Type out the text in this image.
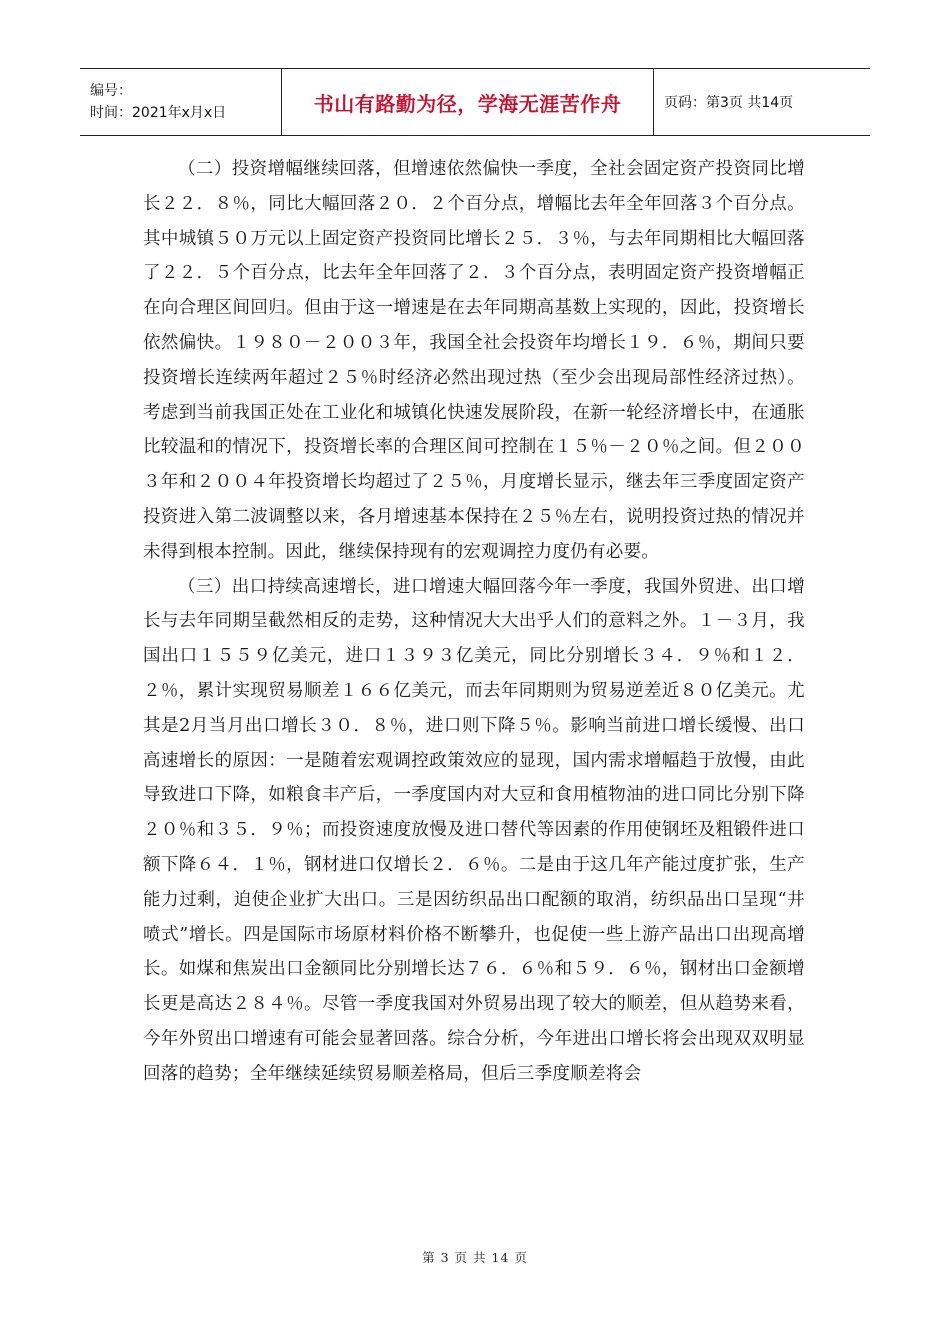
编号：
时间：2021年x月x日	书山有路勤为径，学海无涯苦作舟	页码：第3页 共14页

（二）投资增幅继续回落，但增速依然偏快一季度，全社会固定资产投资同比增长２２．８％，同比大幅回落２０．２个百分点，增幅比去年全年回落３个百分点。其中城镇５０万元以上固定资产投资同比增长２５．３％，与去年同期相比大幅回落了２２．５个百分点，比去年全年回落了２．３个百分点，表明固定资产投资增幅正在向合理区间回归。但由于这一增速是在去年同期高基数上实现的，因此，投资增长依然偏快。１９８０－２００３年，我国全社会投资年均增长１９．６％，期间只要投资增长连续两年超过２５％时经济必然出现过热（至少会出现局部性经济过热）。考虑到当前我国正处在工业化和城镇化快速发展阶段，在新一轮经济增长中，在通胀比较温和的情况下，投资增长率的合理区间可控制在１５％－２０％之间。但２００３年和２００４年投资增长均超过了２５％，月度增长显示，继去年三季度固定资产投资进入第二波调整以来，各月增速基本保持在２５％左右，说明投资过热的情况并未得到根本控制。因此，继续保持现有的宏观调控力度仍有必要。

（三）出口持续高速增长，进口增速大幅回落今年一季度，我国外贸进、出口增长与去年同期呈截然相反的走势，这种情况大大出乎人们的意料之外。１－３月，我国出口１５５９亿美元，进口１３９３亿美元，同比分别增长３４．９％和１２．２％，累计实现贸易顺差１６６亿美元，而去年同期则为贸易逆差近８０亿美元。尤其是2月当月出口增长３０．８％，进口则下降５％。影响当前进口增长缓慢、出口高速增长的原因：一是随着宏观调控政策效应的显现，国内需求增幅趋于放慢，由此导致进口下降，如粮食丰产后，一季度国内对大豆和食用植物油的进口同比分别下降２０％和３５．９％；而投资速度放慢及进口替代等因素的作用使钢坯及粗锻件进口额下降６４．１％，钢材进口仅增长２．６％。二是由于这几年产能过度扩张，生产能力过剩，迫使企业扩大出口。三是因纺织品出口配额的取消，纺织品出口呈现“井喷式”增长。四是国际市场原材料价格不断攀升，也促使一些上游产品出口出现高增长。如煤和焦炭出口金额同比分别增长达７６．６％和５９．６％，钢材出口金额增长更是高达２８４％。尽管一季度我国对外贸易出现了较大的顺差，但从趋势来看，今年外贸出口增速有可能会显著回落。综合分析，今年进出口增长将会出现双双明显回落的趋势；全年继续延续贸易顺差格局，但后三季度顺差将会

第 3 页 共 14 页
